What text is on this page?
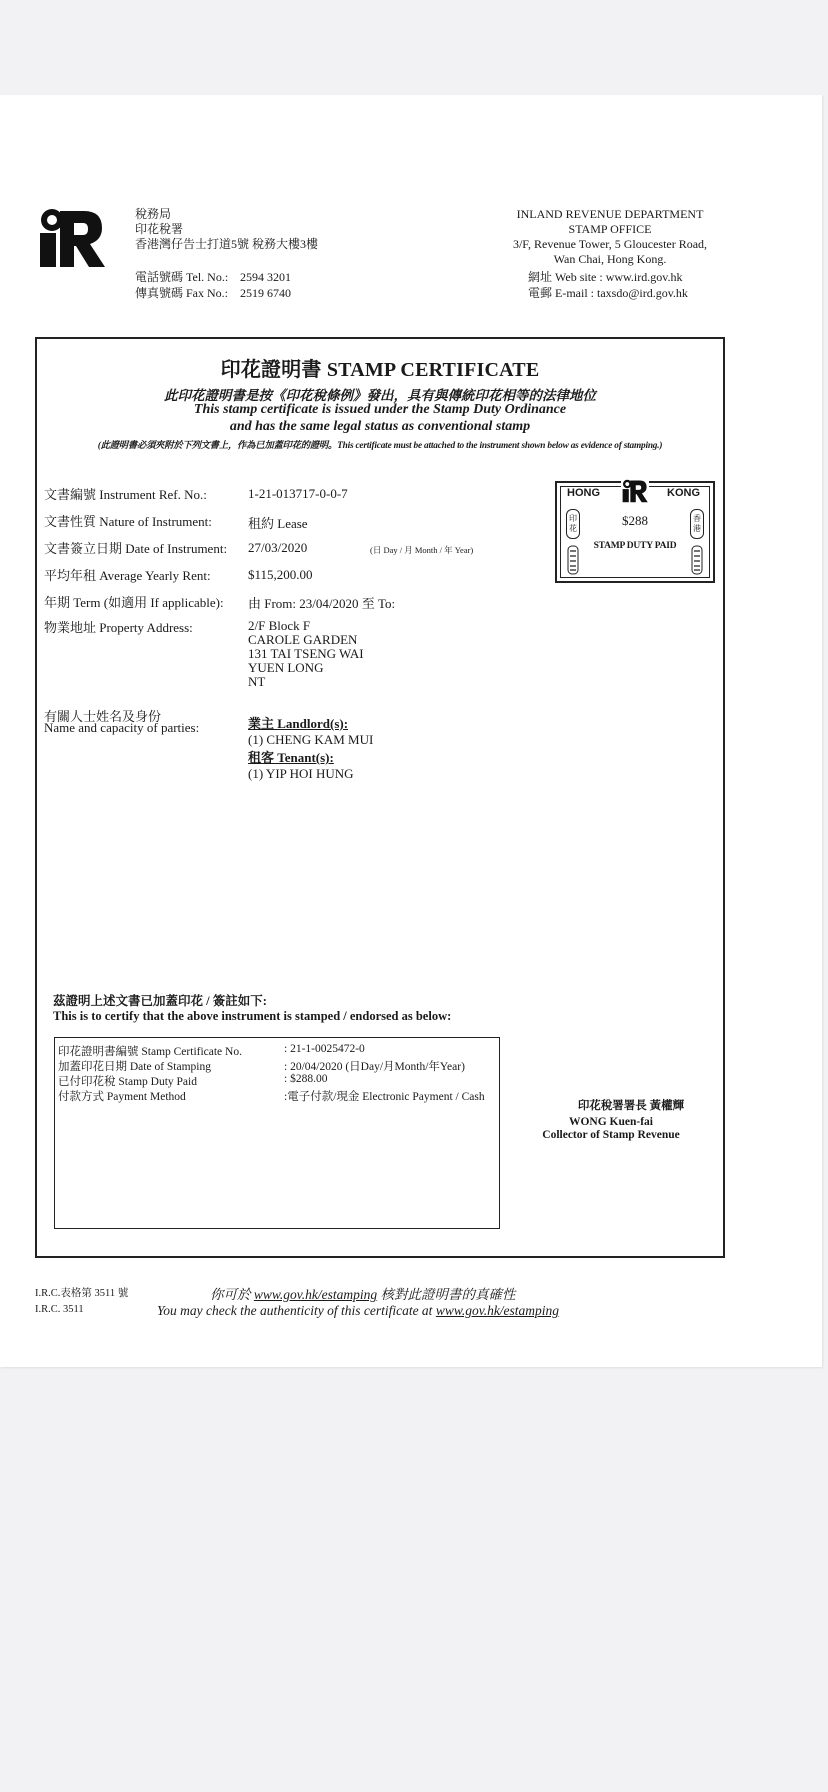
稅務局
印花稅署
香港灣仔告士打道5號 稅務大樓3樓
電話號碼 Tel. No.: 2594 3201
傳真號碼 Fax No.: 2519 6740
INLAND REVENUE DEPARTMENT
STAMP OFFICE
3/F, Revenue Tower, 5 Gloucester Road,
Wan Chai, Hong Kong.
網址 Web site : www.ird.gov.hk
電郵 E-mail : taxsdo@ird.gov.hk
印花證明書 STAMP CERTIFICATE
此印花證明書是按《印花稅條例》發出，具有與傳統印花相等的法律地位
This stamp certificate is issued under the Stamp Duty Ordinance
and has the same legal status as conventional stamp
(此證明書必須夾附於下列文書上，作為已加蓋印花的證明。This certificate must be attached to the instrument shown below as evidence of stamping.)
文書編號 Instrument Ref. No.:	1-21-013717-0-0-7
文書性質 Nature of Instrument:	租約 Lease
文書簽立日期 Date of Instrument: 27/03/2020	(日 Day / 月 Month / 年 Year)
平均年租 Average Yearly Rent:	$115,200.00
年期 Term (如適用 If applicable): 由 From: 23/04/2020 至 To:
物業地址 Property Address:	2/F Block F
CAROLE GARDEN
131 TAI TSENG WAI
YUEN LONG
NT
有關人士姓名及身份
Name and capacity of parties:	業主 Landlord(s):
(1) CHENG KAM MUI
租客 Tenant(s):
(1) YIP HOI HUNG
HONG	KONG
印花
香港
$288
STAMP DUTY PAID
茲證明上述文書已加蓋印花 / 簽註如下:
This is to certify that the above instrument is stamped / endorsed as below:
印花證明書編號 Stamp Certificate No.	: 21-1-0025472-0
加蓋印花日期 Date of Stamping	: 20/04/2020 (日Day/月Month/年Year)
已付印花稅 Stamp Duty Paid	: $288.00
付款方式 Payment Method	:電子付款/現金 Electronic Payment / Cash
印花稅署署長 黃權輝
WONG Kuen-fai
Collector of Stamp Revenue
I.R.C.表格第 3511 號
I.R.C. 3511
你可於 www.gov.hk/estamping 核對此證明書的真確性
You may check the authenticity of this certificate at www.gov.hk/estamping
